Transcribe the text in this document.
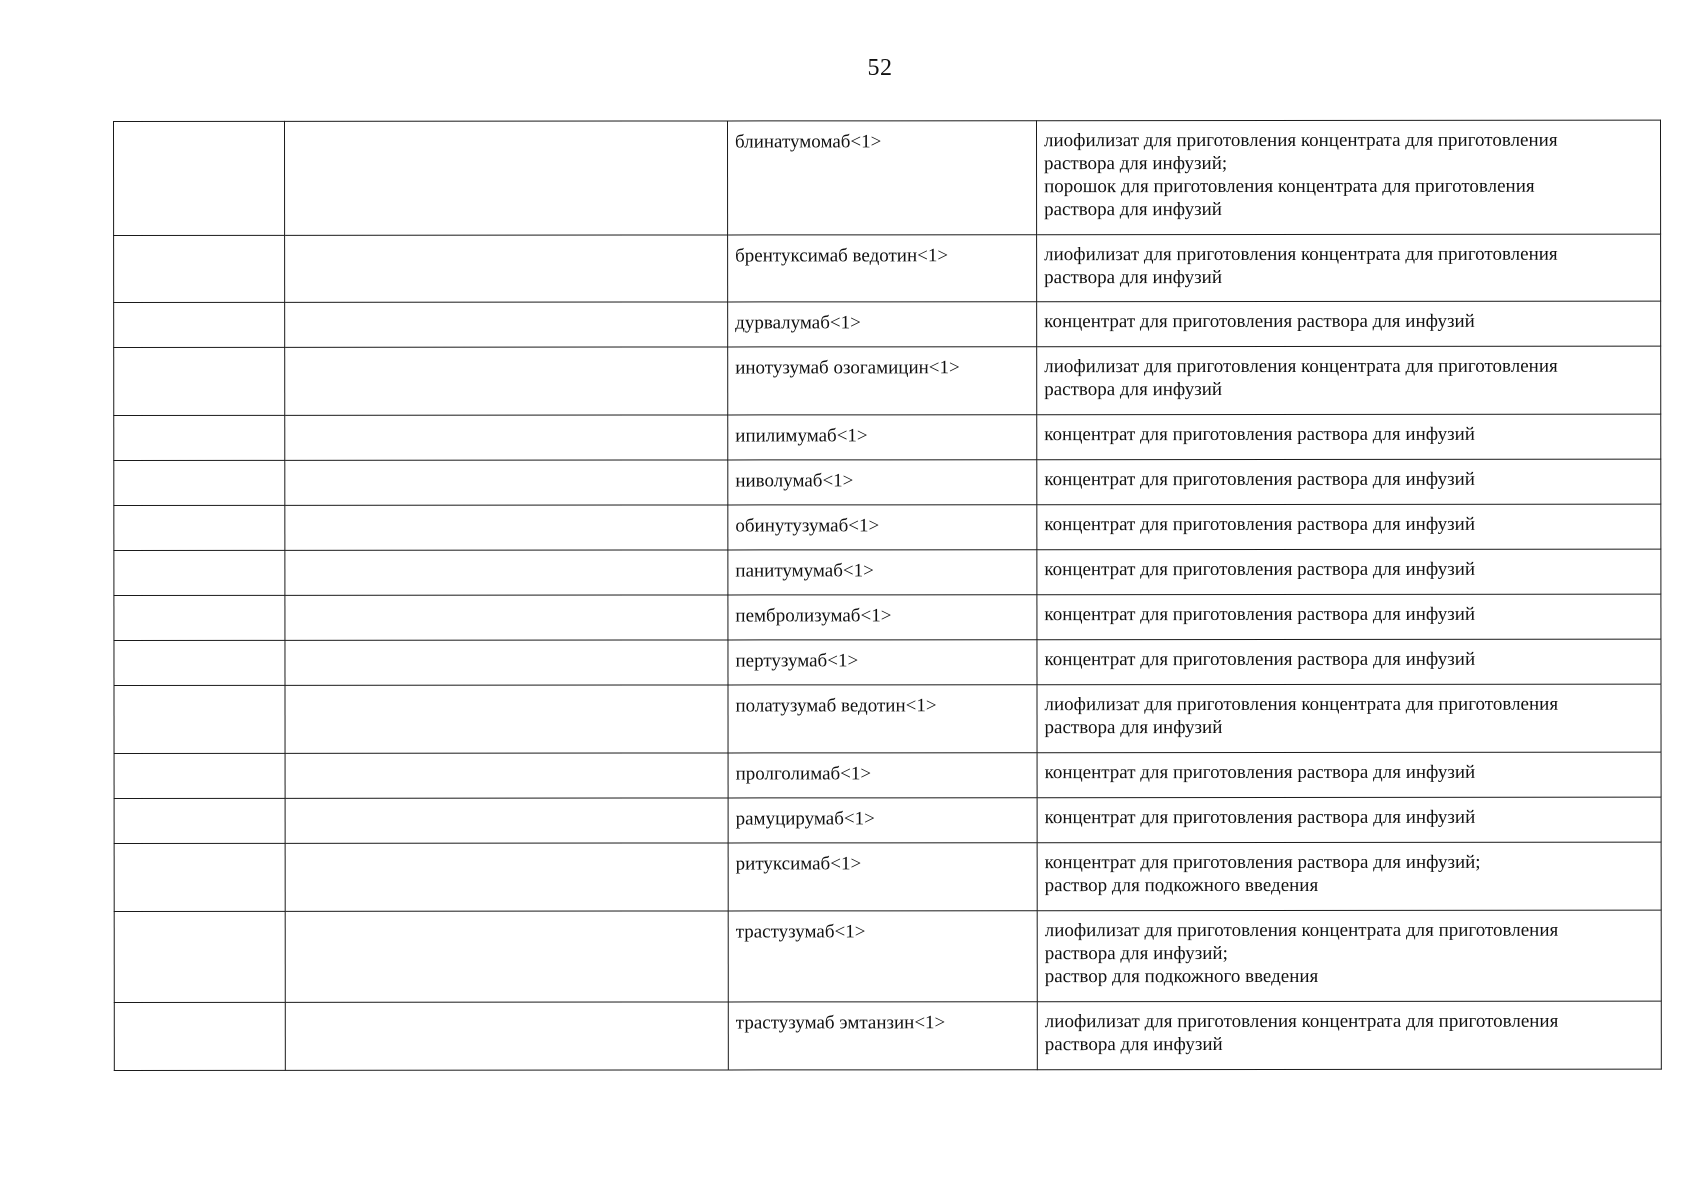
52
		блинатумомаб<1>	лиофилизат для приготовления концентрата для приготовления
раствора для инфузий;
порошок для приготовления концентрата для приготовления
раствора для инфузий
		брентуксимаб ведотин<1>	лиофилизат для приготовления концентрата для приготовления
раствора для инфузий
		дурвалумаб<1>	концентрат для приготовления раствора для инфузий
		инотузумаб озогамицин<1>	лиофилизат для приготовления концентрата для приготовления
раствора для инфузий
		ипилимумаб<1>	концентрат для приготовления раствора для инфузий
		ниволумаб<1>	концентрат для приготовления раствора для инфузий
		обинутузумаб<1>	концентрат для приготовления раствора для инфузий
		панитумумаб<1>	концентрат для приготовления раствора для инфузий
		пембролизумаб<1>	концентрат для приготовления раствора для инфузий
		пертузумаб<1>	концентрат для приготовления раствора для инфузий
		полатузумаб ведотин<1>	лиофилизат для приготовления концентрата для приготовления
раствора для инфузий
		пролголимаб<1>	концентрат для приготовления раствора для инфузий
		рамуцирумаб<1>	концентрат для приготовления раствора для инфузий
		ритуксимаб<1>	концентрат для приготовления раствора для инфузий;
раствор для подкожного введения
		трастузумаб<1>	лиофилизат для приготовления концентрата для приготовления
раствора для инфузий;
раствор для подкожного введения
		трастузумаб эмтанзин<1>	лиофилизат для приготовления концентрата для приготовления
раствора для инфузий
